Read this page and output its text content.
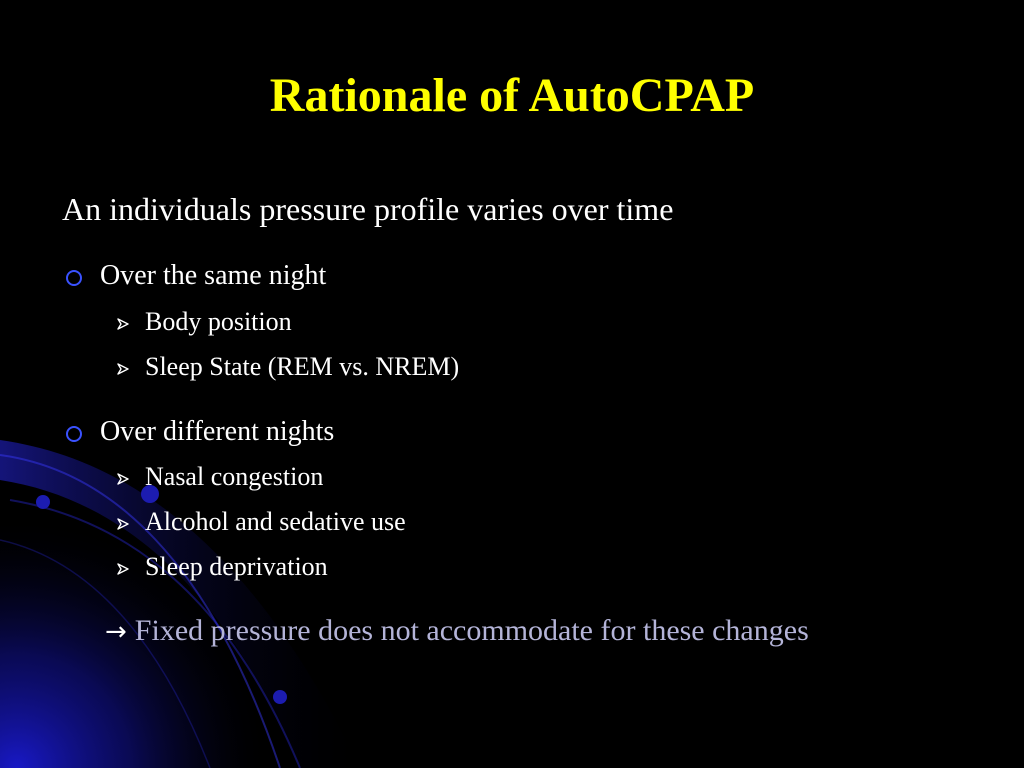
Rationale of AutoCPAP
An individuals pressure profile varies over time
Over the same night
Body position
Sleep State (REM vs. NREM)
Over different nights
Nasal congestion
Alcohol and sedative use
Sleep deprivation
→ Fixed pressure does not accommodate for these changes
